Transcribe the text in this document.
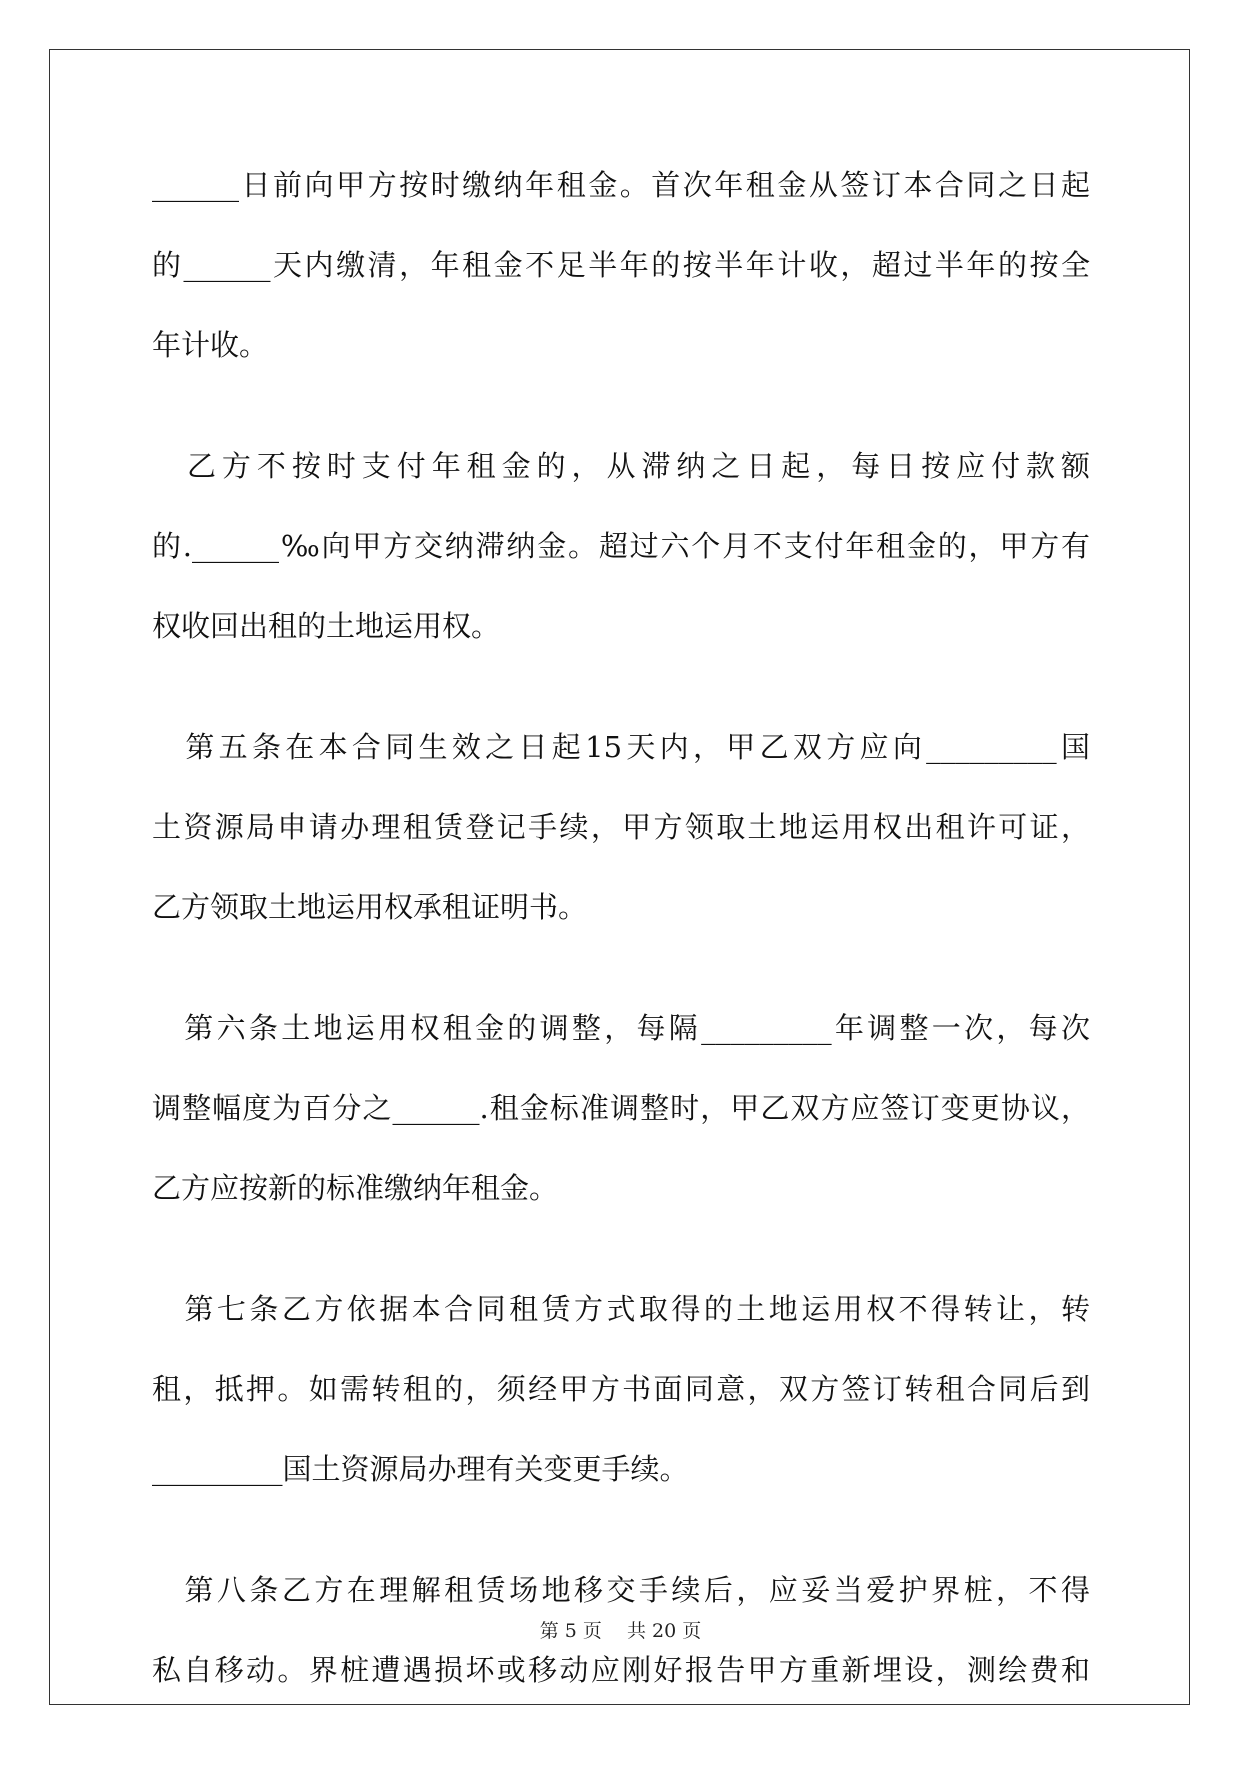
______日前向甲方按时缴纳年租金。首次年租金从签订本合同之日起
的______天内缴清，年租金不足半年的按半年计收，超过半年的按全
年计收。
　乙方不按时支付年租金的，从滞纳之日起，每日按应付款额
的.______‰向甲方交纳滞纳金。超过六个月不支付年租金的，甲方有
权收回出租的土地运用权。
　第五条在本合同生效之日起15天内，甲乙双方应向_________国
土资源局申请办理租赁登记手续，甲方领取土地运用权出租许可证，
乙方领取土地运用权承租证明书。
　第六条土地运用权租金的调整，每隔_________年调整一次，每次
调整幅度为百分之______.租金标准调整时，甲乙双方应签订变更协议，
乙方应按新的标准缴纳年租金。
　第七条乙方依据本合同租赁方式取得的土地运用权不得转让，转
租，抵押。如需转租的，须经甲方书面同意，双方签订转租合同后到
_________国土资源局办理有关变更手续。
　第八条乙方在理解租赁场地移交手续后，应妥当爱护界桩，不得
私自移动。界桩遭遇损坏或移动应刚好报告甲方重新埋设，测绘费和
第 5 页　 共 20 页
